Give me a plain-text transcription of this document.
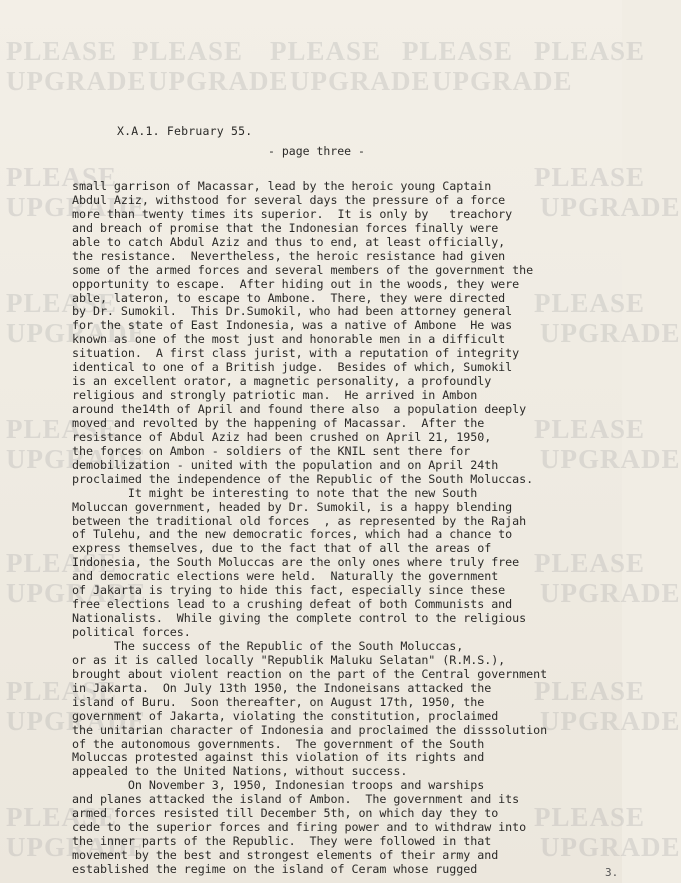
PLEASE PLEASE PLEASE PLEASE PLEASE
UPGRADE UPGRADE UPGRADE UPGRADE
PLEASE	PLEASE
UPGRADE	UPGRADE
PLEASE	PLEASE
UPGRADE	UPGRADE
PLEASE	PLEASE
UPGRADE	UPGRADE
PLEASE	PLEASE
UPGRADE	UPGRADE
PLEASE	PLEASE
UPGRADE	UPGRADE
PLEASE	PLEASE
UPGRADE	UPGRADE
X.A.1. February 55.
- page three -
small garrison of Macassar, lead by the heroic young Captain
Abdul Aziz, withstood for several days the pressure of a force
more than twenty times its superior.  It is only by   treachory
and breach of promise that the Indonesian forces finally were
able to catch Abdul Aziz and thus to end, at least officially,
the resistance.  Nevertheless, the heroic resistance had given
some of the armed forces and several members of the government the
opportunity to escape.  After hiding out in the woods, they were
able, lateron, to escape to Ambone.  There, they were directed
by Dr. Sumokil.  This Dr.Sumokil, who had been attorney general
for the state of East Indonesia, was a native of Ambone  He was
known as one of the most just and honorable men in a difficult
situation.  A first class jurist, with a reputation of integrity
identical to one of a British judge.  Besides of which, Sumokil
is an excellent orator, a magnetic personality, a profoundly
religious and strongly patriotic man.  He arrived in Ambon
around the14th of April and found there also  a population deeply
moved and revolted by the happening of Macassar.  After the
resistance of Abdul Aziz had been crushed on April 21, 1950,
the forces on Ambon - soldiers of the KNIL sent there for
demobilization - united with the population and on April 24th
proclaimed the independence of the Republic of the South Moluccas.
It might be interesting to note that the new South
Moluccan government, headed by Dr. Sumokil, is a happy blending
between the traditional old forces  , as represented by the Rajah
of Tulehu, and the new democratic forces, which had a chance to
express themselves, due to the fact that of all the areas of
Indonesia, the South Moluccas are the only ones where truly free
and democratic elections were held.  Naturally the government
of Jakarta is trying to hide this fact, especially since these
free elections lead to a crushing defeat of both Communists and
Nationalists.  While giving the complete control to the religious
political forces.
The success of the Republic of the South Moluccas,
or as it is called locally "Republik Maluku Selatan" (R.M.S.),
brought about violent reaction on the part of the Central government
in Jakarta.  On July 13th 1950, the Indoneisans attacked the
island of Buru.  Soon thereafter, on August 17th, 1950, the
government of Jakarta, violating the constitution, proclaimed
the unitarian character of Indonesia and proclaimed the disssolution
of the autonomous governments.  The government of the South
Moluccas protested against this violation of its rights and
appealed to the United Nations, without success.
On November 3, 1950, Indonesian troops and warships
and planes attacked the island of Ambon.  The government and its
armed forces resisted till December 5th, on which day they to
cede to the superior forces and firing power and to withdraw into
the inner parts of the Republic.  They were followed in that
movement by the best and strongest elements of their army and
established the regime on the island of Ceram whose rugged	3.
